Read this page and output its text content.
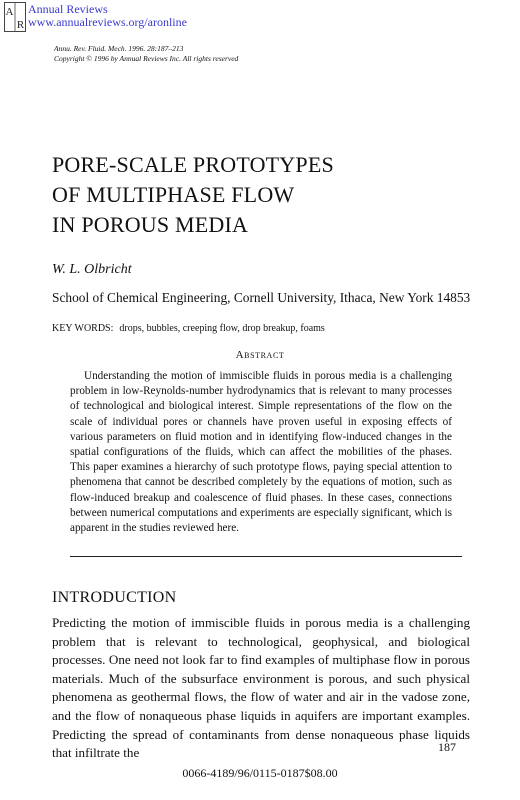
A
R
Annual Reviews
www.annualreviews.org/aronline
Annu. Rev. Fluid. Mech. 1996. 28:187–213
Copyright © 1996 by Annual Reviews Inc. All rights reserved
PORE-SCALE PROTOTYPES
OF MULTIPHASE FLOW
IN POROUS MEDIA
W. L. Olbricht
School of Chemical Engineering, Cornell University, Ithaca, New York 14853
KEY WORDS: drops, bubbles, creeping flow, drop breakup, foams
Abstract

Understanding the motion of immiscible fluids in porous media is a challenging problem in low-Reynolds-number hydrodynamics that is relevant to many processes of technological and biological interest. Simple representations of the flow on the scale of individual pores or channels have proven useful in exposing effects of various parameters on fluid motion and in identifying flow-induced changes in the spatial configurations of the fluids, which can affect the mobilities of the phases. This paper examines a hierarchy of such prototype flows, paying special attention to phenomena that cannot be described completely by the equations of motion, such as flow-induced breakup and coalescence of fluid phases. In these cases, connections between numerical computations and experiments are especially significant, which is apparent in the studies reviewed here.

INTRODUCTION

Predicting the motion of immiscible fluids in porous media is a challenging problem that is relevant to technological, geophysical, and biological processes. One need not look far to find examples of multiphase flow in porous materials. Much of the subsurface environment is porous, and such physical phenomena as geothermal flows, the flow of water and air in the vadose zone, and the flow of nonaqueous phase liquids in aquifers are important examples. Predicting the spread of contaminants from dense nonaqueous phase liquids that infiltrate the	187
0066-4189/96/0115-0187$08.00
